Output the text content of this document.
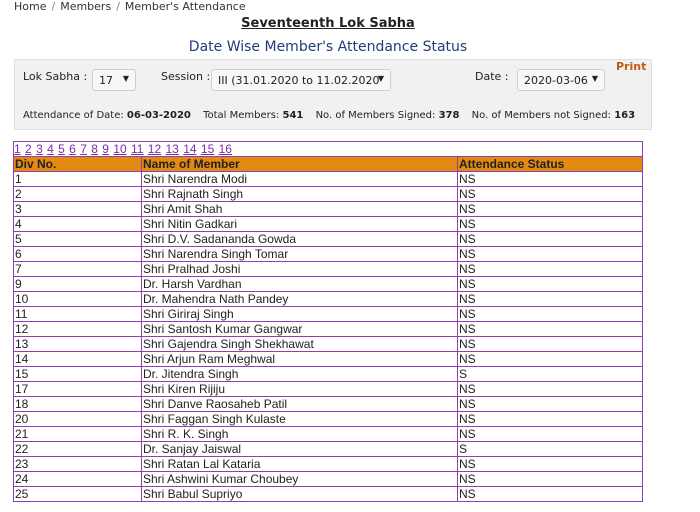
Home / Members / Member's Attendance
Seventeenth Lok Sabha
Date Wise Member's Attendance Status
Lok Sabha :	17 ▼	Session : III (31.01.2020 to 11.02.2020
▼	Date :	2020-03-06 ▼
Attendance of Date: 06-03-2020 Total Members: 541 No. of Members Signed: 378 No. of Members not Signed: 163
Print
1 2 3 4 5 6 7 8 9 10 11 12 13 14 15 16
Div No.	Name of Member	Attendance Status
1	Shri Narendra Modi	NS
2	Shri Rajnath Singh	NS
3	Shri Amit Shah	NS
4	Shri Nitin Gadkari	NS
5	Shri D.V. Sadananda Gowda	NS
6	Shri Narendra Singh Tomar	NS
7	Shri Pralhad Joshi	NS
9	Dr. Harsh Vardhan	NS
10	Dr. Mahendra Nath Pandey	NS
11	Shri Giriraj Singh	NS
12	Shri Santosh Kumar Gangwar	NS
13	Shri Gajendra Singh Shekhawat	NS
14	Shri Arjun Ram Meghwal	NS
15	Dr. Jitendra Singh	S
17	Shri Kiren Rijiju	NS
18	Shri Danve Raosaheb Patil	NS
20	Shri Faggan Singh Kulaste	NS
21	Shri R. K. Singh	NS
22	Dr. Sanjay Jaiswal	S
23	Shri Ratan Lal Kataria	NS
24	Shri Ashwini Kumar Choubey	NS
25	Shri Babul Supriyo	NS
